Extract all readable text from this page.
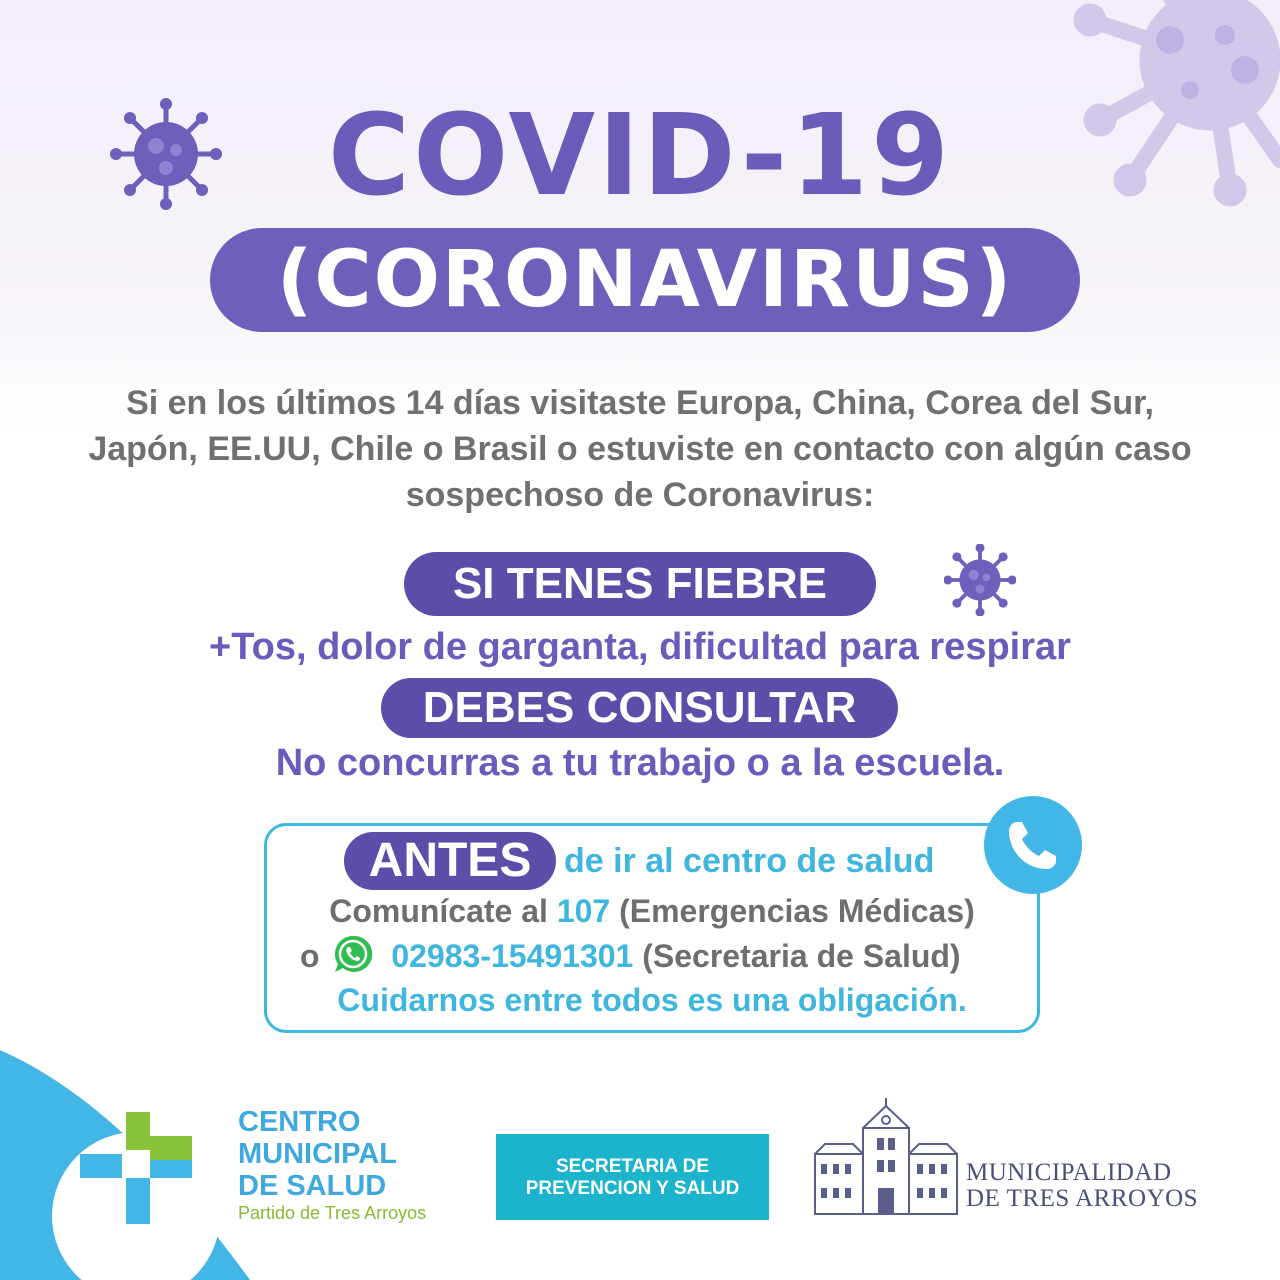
COVID-19
(CORONAVIRUS)
Si en los últimos 14 días visitaste Europa, China, Corea del Sur,
Japón, EE.UU, Chile o Brasil o estuviste en contacto con algún caso
sospechoso de Coronavirus:
SI TENES FIEBRE
+Tos, dolor de garganta, dificultad para respirar
DEBES CONSULTAR
No concurras a tu trabajo o a la escuela.
ANTES de ir al centro de salud
Comunícate al 107 (Emergencias Médicas)
o 02983-15491301 (Secretaria de Salud)
Cuidarnos entre todos es una obligación.
CENTRO
MUNICIPAL
DE SALUD
Partido de Tres Arroyos
SECRETARIA DE
PREVENCION Y SALUD
MUNICIPALIDAD
DE TRES ARROYOS
